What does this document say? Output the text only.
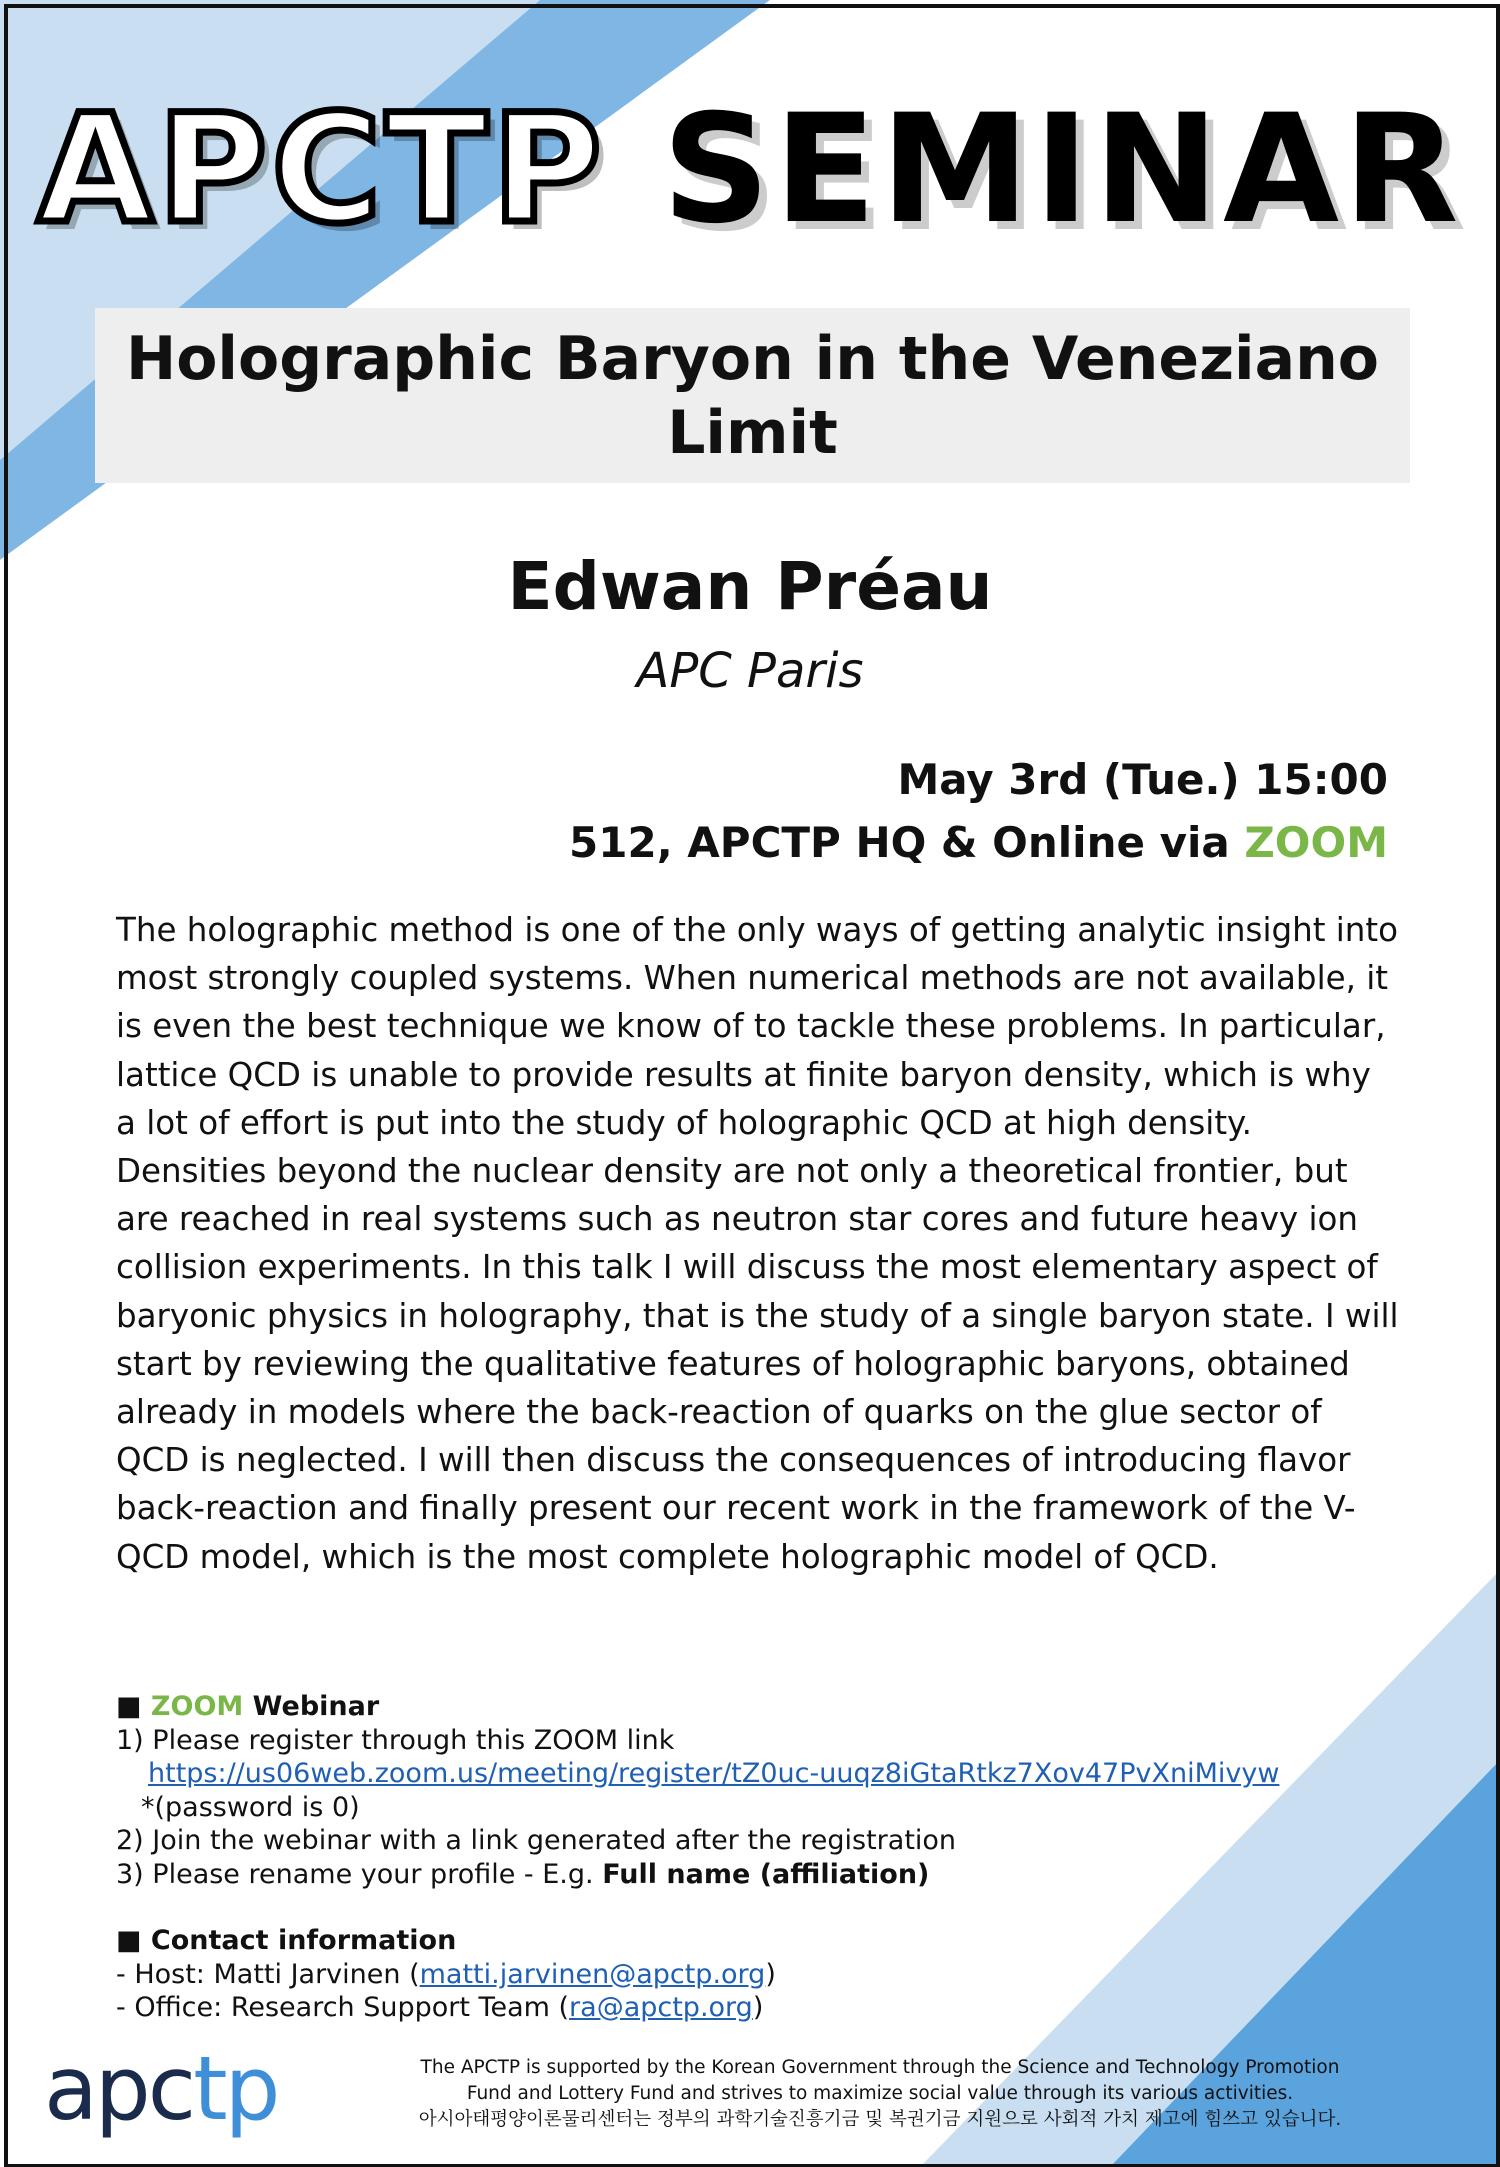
APCTP SEMINAR
Holographic Baryon in the Veneziano Limit
Edwan Préau
APC Paris
May 3rd (Tue.) 15:00
512, APCTP HQ & Online via ZOOM
The holographic method is one of the only ways of getting analytic insight into most strongly coupled systems. When numerical methods are not available, it is even the best technique we know of to tackle these problems. In particular, lattice QCD is unable to provide results at finite baryon density, which is why a lot of effort is put into the study of holographic QCD at high density. Densities beyond the nuclear density are not only a theoretical frontier, but are reached in real systems such as neutron star cores and future heavy ion collision experiments. In this talk I will discuss the most elementary aspect of baryonic physics in holography, that is the study of a single baryon state. I will start by reviewing the qualitative features of holographic baryons, obtained already in models where the back-reaction of quarks on the glue sector of QCD is neglected. I will then discuss the consequences of introducing flavor back-reaction and finally present our recent work in the framework of the V-QCD model, which is the most complete holographic model of QCD.
■ ZOOM Webinar
1) Please register through this ZOOM link
https://us06web.zoom.us/meeting/register/tZ0uc-uuqz8iGtaRtkz7Xov47PvXniMivyw
*(password is 0)
2) Join the webinar with a link generated after the registration
3) Please rename your profile - E.g. Full name (affiliation)
■ Contact information
- Host: Matti Jarvinen (matti.jarvinen@apctp.org)
- Office: Research Support Team (ra@apctp.org)
apctp	The APCTP is supported by the Korean Government through the Science and Technology Promotion
Fund and Lottery Fund and strives to maximize social value through its various activities.
아시아태평양이론물리센터는 정부의 과학기술진흥기금 및 복권기금 지원으로 사회적 가치 제고에 힘쓰고 있습니다.
